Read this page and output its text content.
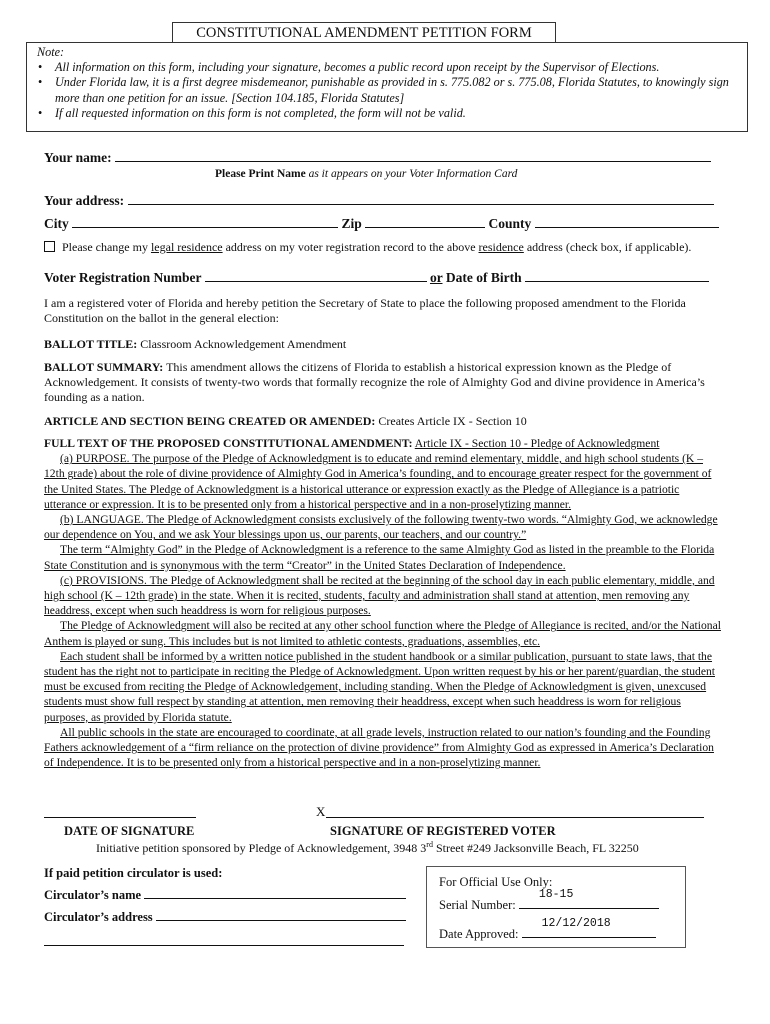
CONSTITUTIONAL AMENDMENT PETITION FORM
Note:
• All information on this form, including your signature, becomes a public record upon receipt by the Supervisor of Elections.
• Under Florida law, it is a first degree misdemeanor, punishable as provided in s. 775.082 or s. 775.08, Florida Statutes, to knowingly sign more than one petition for an issue. [Section 104.185, Florida Statutes]
• If all requested information on this form is not completed, the form will not be valid.
Your name:
Please Print Name as it appears on your Voter Information Card
Your address:
City	Zip	County
Please change my legal residence address on my voter registration record to the above residence address (check box, if applicable).
Voter Registration Number	or Date of Birth
I am a registered voter of Florida and hereby petition the Secretary of State to place the following proposed amendment to the Florida Constitution on the ballot in the general election:
BALLOT TITLE: Classroom Acknowledgement Amendment
BALLOT SUMMARY: This amendment allows the citizens of Florida to establish a historical expression known as the Pledge of Acknowledgement. It consists of twenty-two words that formally recognize the role of Almighty God and divine providence in America’s founding as a nation.
ARTICLE AND SECTION BEING CREATED OR AMENDED: Creates Article IX - Section 10

FULL TEXT OF THE PROPOSED CONSTITUTIONAL AMENDMENT: Article IX - Section 10 - Pledge of Acknowledgment

(a) PURPOSE. The purpose of the Pledge of Acknowledgment is to educate and remind elementary, middle, and high school students (K – 12th grade) about the role of divine providence of Almighty God in America’s founding, and to encourage greater respect for the government of the United States. The Pledge of Acknowledgment is a historical utterance or expression exactly as the Pledge of Allegiance is a patriotic utterance or expression. It is to be presented only from a historical perspective and in a non-proselytizing manner.

(b) LANGUAGE. The Pledge of Acknowledgment consists exclusively of the following twenty-two words. “Almighty God, we acknowledge our dependence on You, and we ask Your blessings upon us, our parents, our teachers, and our country.”

The term “Almighty God” in the Pledge of Acknowledgment is a reference to the same Almighty God as listed in the preamble to the Florida State Constitution and is synonymous with the term “Creator” in the United States Declaration of Independence.

(c) PROVISIONS. The Pledge of Acknowledgment shall be recited at the beginning of the school day in each public elementary, middle, and high school (K – 12th grade) in the state. When it is recited, students, faculty and administration shall stand at attention, men removing any headdress, except when such headdress is worn for religious purposes.

The Pledge of Acknowledgment will also be recited at any other school function where the Pledge of Allegiance is recited, and/or the National Anthem is played or sung. This includes but is not limited to athletic contests, graduations, assemblies, etc.

Each student shall be informed by a written notice published in the student handbook or a similar publication, pursuant to state laws, that the student has the right not to participate in reciting the Pledge of Acknowledgment. Upon written request by his or her parent/guardian, the student must be excused from reciting the Pledge of Acknowledgement, including standing. When the Pledge of Acknowledgment is given, unexcused students must show full respect by standing at attention, men removing their headdress, except when such headdress is worn for religious purposes, as provided by Florida statute.

All public schools in the state are encouraged to coordinate, at all grade levels, instruction related to our nation’s founding and the Founding Fathers acknowledgement of a “firm reliance on the protection of divine providence” from Almighty God as expressed in America’s Declaration of Independence. It is to be presented only from a historical perspective and in a non-proselytizing manner.

X
DATE OF SIGNATURE	SIGNATURE OF REGISTERED VOTER
Initiative petition sponsored by Pledge of Acknowledgement, 3948 3rd Street #249 Jacksonville Beach, FL 32250
If paid petition circulator is used:
Circulator’s name
Circulator’s address
For Official Use Only:
Serial Number:
18-15
Date Approved:
12/12/2018
